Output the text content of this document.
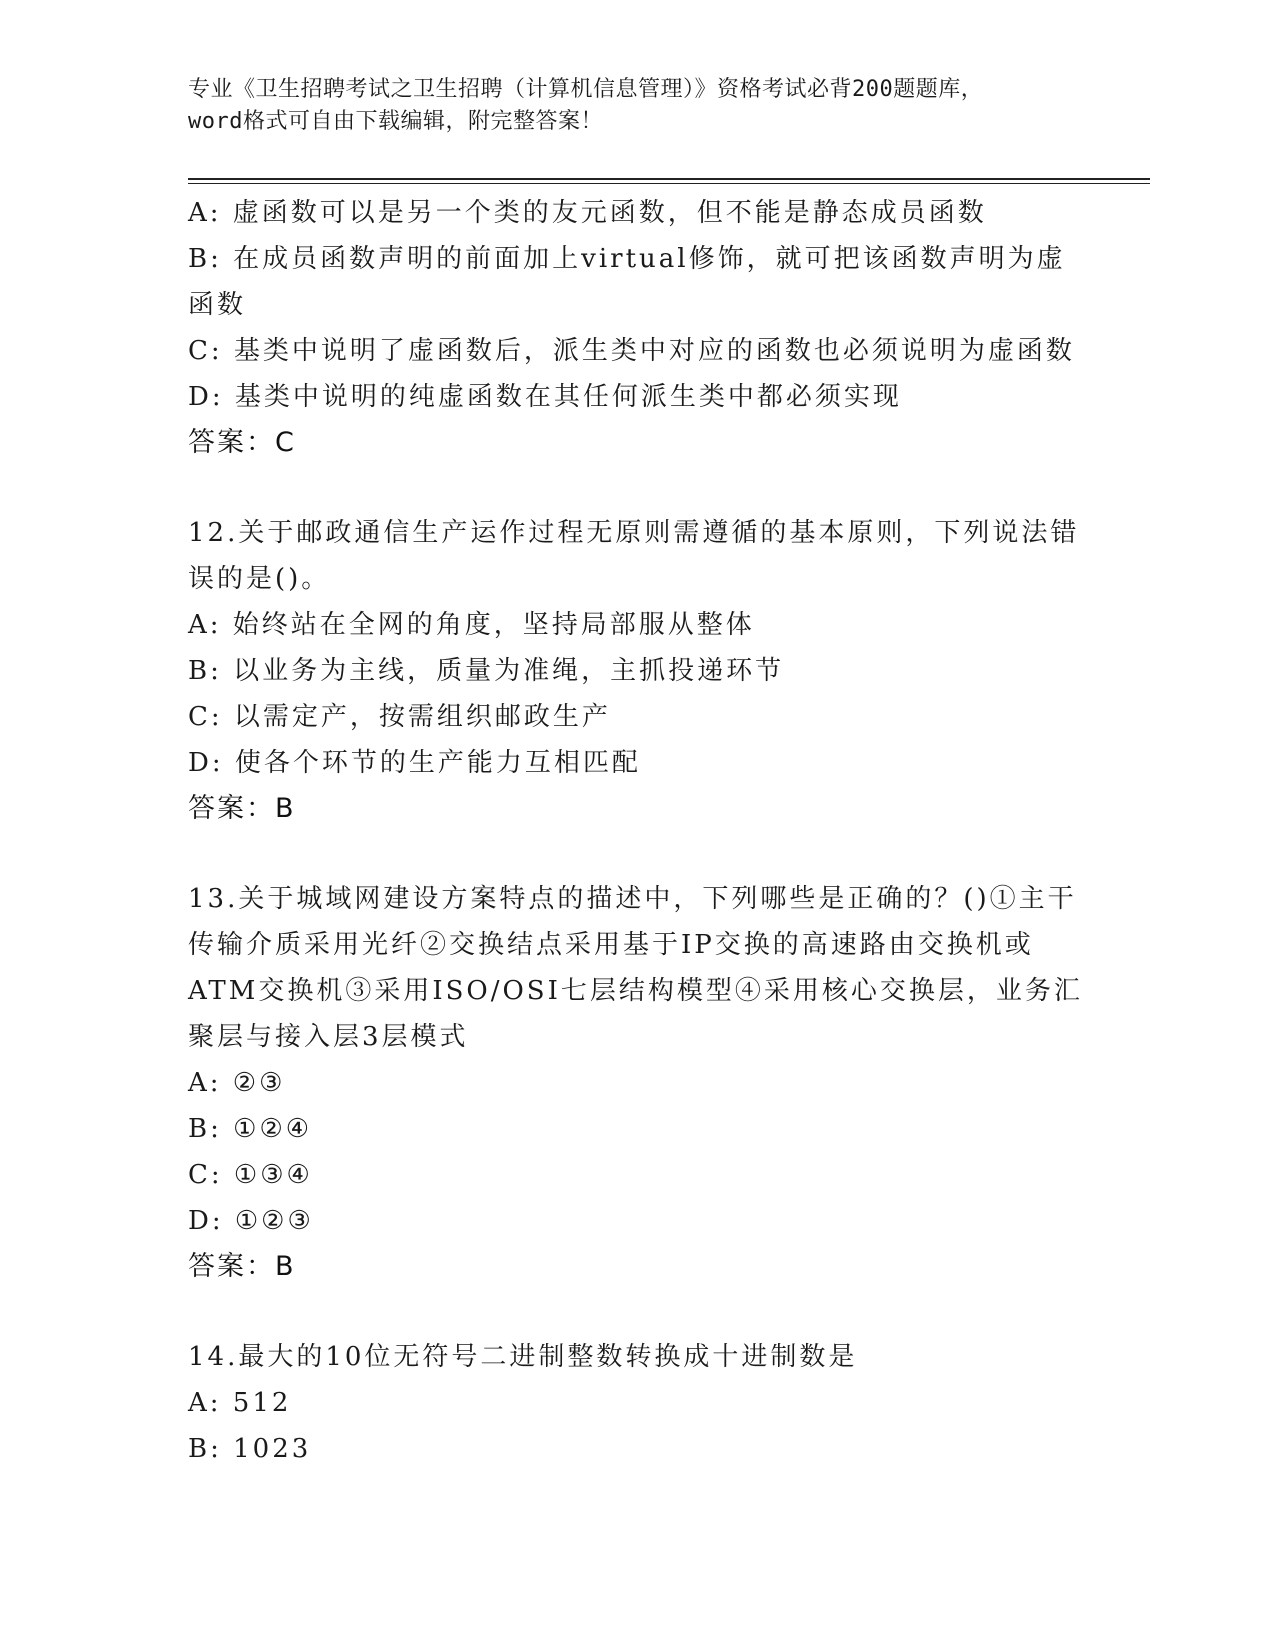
专业《卫生招聘考试之卫生招聘（计算机信息管理）》资格考试必背200题题库，
word格式可自由下载编辑，附完整答案！
A: 虚函数可以是另一个类的友元函数，但不能是静态成员函数
B: 在成员函数声明的前面加上virtual修饰，就可把该函数声明为虚
函数
C: 基类中说明了虚函数后，派生类中对应的函数也必须说明为虚函数
D: 基类中说明的纯虚函数在其任何派生类中都必须实现
答案：C
12.关于邮政通信生产运作过程无原则需遵循的基本原则，下列说法错
误的是()。
A: 始终站在全网的角度，坚持局部服从整体
B: 以业务为主线，质量为准绳，主抓投递环节
C: 以需定产，按需组织邮政生产
D: 使各个环节的生产能力互相匹配
答案：B
13.关于城域网建设方案特点的描述中，下列哪些是正确的？()①主干
传输介质采用光纤②交换结点采用基于IP交换的高速路由交换机或
ATM交换机③采用ISO/OSI七层结构模型④采用核心交换层，业务汇
聚层与接入层3层模式
A: ②③
B: ①②④
C: ①③④
D: ①②③
答案：B
14.最大的10位无符号二进制整数转换成十进制数是
A: 512
B: 1023
